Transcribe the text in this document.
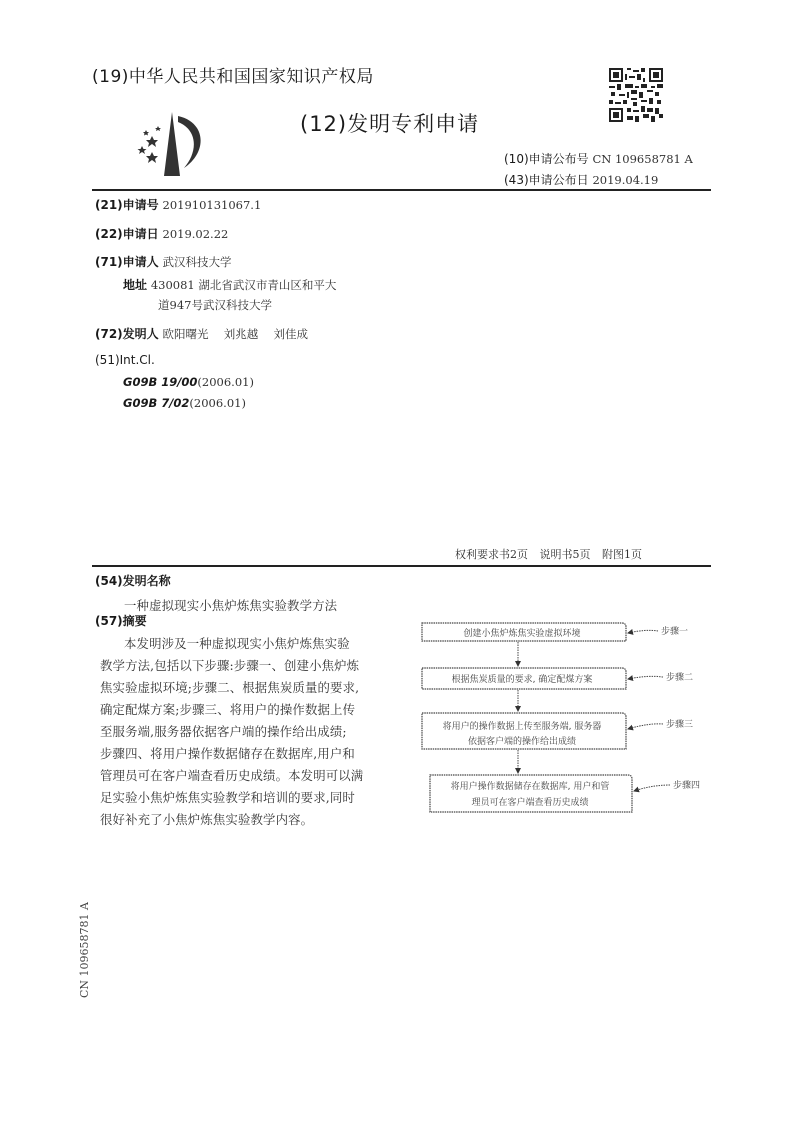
(19)中华人民共和国国家知识产权局
(12)发明专利申请
(10)申请公布号 CN 109658781 A
(43)申请公布日 2019.04.19
(21)申请号 201910131067.1
(22)申请日 2019.02.22
(71)申请人 武汉科技大学
地址 430081 湖北省武汉市青山区和平大
道947号武汉科技大学
(72)发明人 欧阳曙光 刘兆越 刘佳成
(51)Int.Cl.
G09B 19/00(2006.01)
G09B 7/02(2006.01)
权利要求书2页 说明书5页 附图1页
(54)发明名称
一种虚拟现实小焦炉炼焦实验教学方法
(57)摘要
本发明涉及一种虚拟现实小焦炉炼焦实验
教学方法,包括以下步骤:步骤一、创建小焦炉炼
焦实验虚拟环境;步骤二、根据焦炭质量的要求,
确定配煤方案;步骤三、将用户的操作数据上传
至服务端,服务器依据客户端的操作给出成绩;
步骤四、将用户操作数据储存在数据库,用户和
管理员可在客户端查看历史成绩。本发明可以满
足实验小焦炉炼焦实验教学和培训的要求,同时
很好补充了小焦炉炼焦实验教学内容。
创建小焦炉炼焦实验虚拟环境
根据焦炭质量的要求, 确定配煤方案
将用户的操作数据上传至服务端, 服务器
依据客户端的操作给出成绩
将用户操作数据储存在数据库, 用户和管
理员可在客户端查看历史成绩
步骤一
步骤二
步骤三
步骤四
CN 109658781 A
